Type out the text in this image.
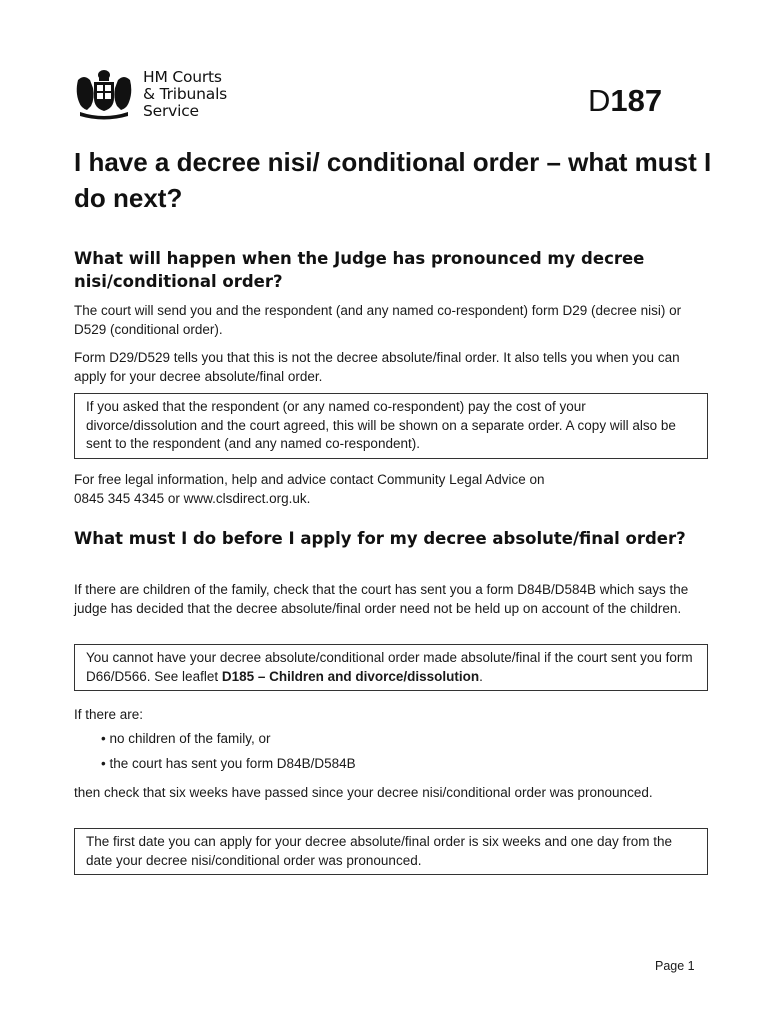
HM Courts
& Tribunals
Service	D187
I have a decree nisi/ conditional order – what must I do next?
What will happen when the Judge has pronounced my decree nisi/conditional order?

The court will send you and the respondent (and any named co-respondent) form D29 (decree nisi) or D529 (conditional order).

Form D29/D529 tells you that this is not the decree absolute/final order. It also tells you when you can apply for your decree absolute/final order.

If you asked that the respondent (or any named co-respondent) pay the cost of your divorce/dissolution and the court agreed, this will be shown on a separate order. A copy will also be sent to the respondent (and any named co-respondent).

For free legal information, help and advice contact Community Legal Advice on
0845 345 4345 or www.clsdirect.org.uk.

What must I do before I apply for my decree absolute/final order?

If there are children of the family, check that the court has sent you a form D84B/D584B which says the judge has decided that the decree absolute/final order need not be held up on account of the children.

You cannot have your decree absolute/conditional order made absolute/final if the court sent you form D66/D566. See leaflet D185 – Children and divorce/dissolution.

If there are:

• no children of the family, or

• the court has sent you form D84B/D584B

then check that six weeks have passed since your decree nisi/conditional order was pronounced.

The first date you can apply for your decree absolute/final order is six weeks and one day from the date your decree nisi/conditional order was pronounced.
Page 1
